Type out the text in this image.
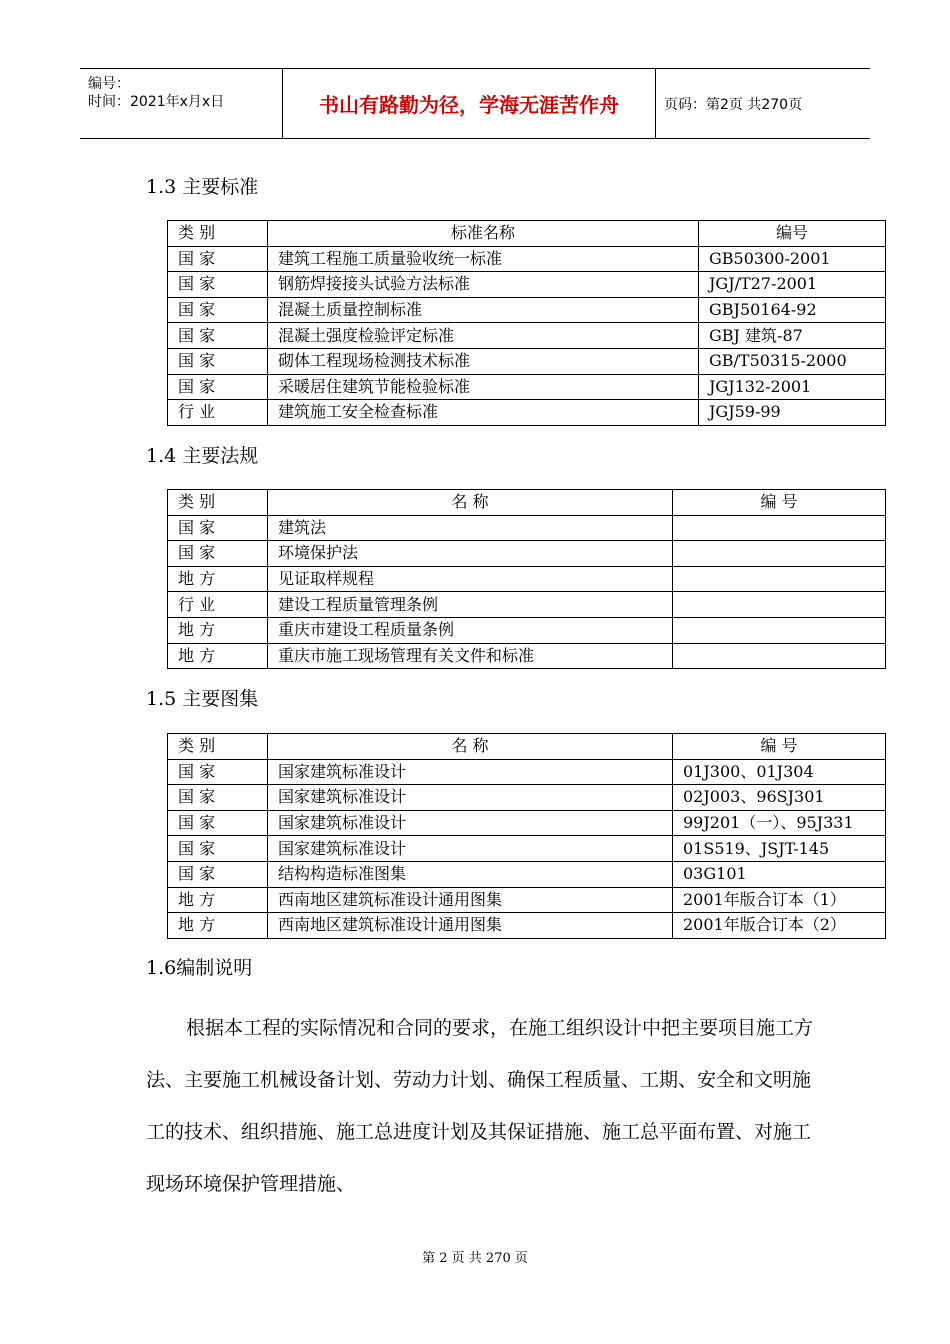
编号：
时间：2021年x月x日	书山有路勤为径，学海无涯苦作舟	页码：第2页 共270页
1.3 主要标准
类 别	标准名称	编号
国 家	建筑工程施工质量验收统一标准	GB50300-2001
国 家	钢筋焊接接头试验方法标准	JGJ/T27-2001
国 家	混凝土质量控制标准	GBJ50164-92
国 家	混凝土强度检验评定标准	GBJ 建筑-87
国 家	砌体工程现场检测技术标准	GB/T50315-2000
国 家	采暖居住建筑节能检验标准	JGJ132-2001
行 业	建筑施工安全检查标准	JGJ59-99
1.4 主要法规
类 别	名 称	编 号
国 家	建筑法	
国 家	环境保护法	
地 方	见证取样规程	
行 业	建设工程质量管理条例	
地 方	重庆市建设工程质量条例	
地 方	重庆市施工现场管理有关文件和标准	
1.5 主要图集
类 别	名 称	编 号
国 家	国家建筑标准设计	01J300、01J304
国 家	国家建筑标准设计	02J003、96SJ301
国 家	国家建筑标准设计	99J201（一）、95J331
国 家	国家建筑标准设计	01S519、JSJT-145
国 家	结构构造标准图集	03G101
地 方	西南地区建筑标准设计通用图集	2001年版合订本（1）
地 方	西南地区建筑标准设计通用图集	2001年版合订本（2）
1.6编制说明

根据本工程的实际情况和合同的要求，在施工组织设计中把主要项目施工方法、主要施工机械设备计划、劳动力计划、确保工程质量、工期、安全和文明施工的技术、组织措施、施工总进度计划及其保证措施、施工总平面布置、对施工现场环境保护管理措施、

第 2 页 共 270 页
